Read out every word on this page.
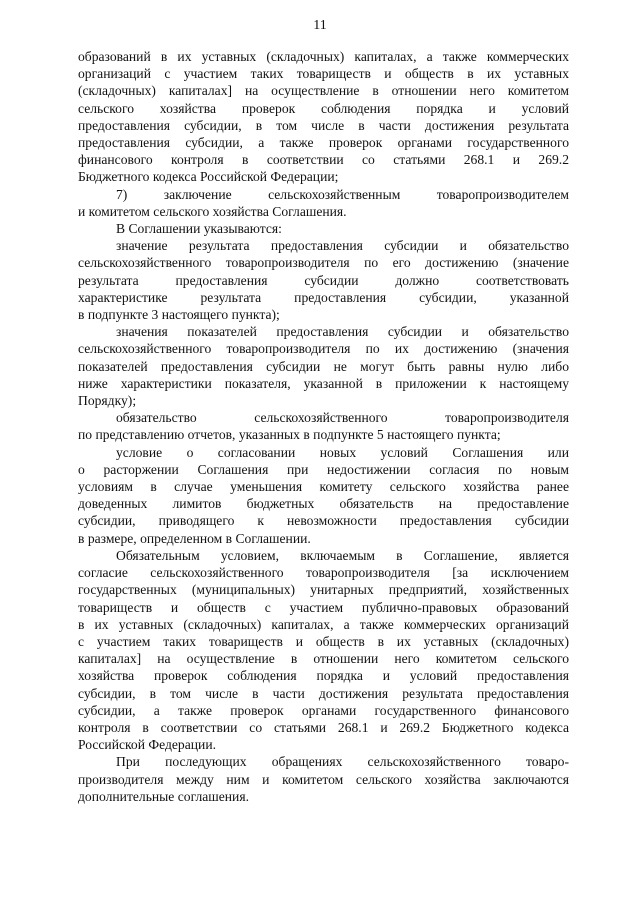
11
образований в их уставных (складочных) капиталах, а также коммерческих
организаций с участием таких товариществ и обществ в их уставных
(складочных) капиталах] на осуществление в отношении него комитетом
сельского хозяйства проверок соблюдения порядка и условий
предоставления субсидии, в том числе в части достижения результата
предоставления субсидии, а также проверок органами государственного
финансового контроля в соответствии со статьями 268.1 и 269.2
Бюджетного кодекса Российской Федерации;
7) заключение сельскохозяйственным товаропроизводителем
и комитетом сельского хозяйства Соглашения.
В Соглашении указываются:
значение результата предоставления субсидии и обязательство
сельскохозяйственного товаропроизводителя по его достижению (значение
результата предоставления субсидии должно соответствовать
характеристике результата предоставления субсидии, указанной
в подпункте 3 настоящего пункта);
значения показателей предоставления субсидии и обязательство
сельскохозяйственного товаропроизводителя по их достижению (значения
показателей предоставления субсидии не могут быть равны нулю либо
ниже характеристики показателя, указанной в приложении к настоящему
Порядку);
обязательство сельскохозяйственного товаропроизводителя
по представлению отчетов, указанных в подпункте 5 настоящего пункта;
условие о согласовании новых условий Соглашения или
о расторжении Соглашения при недостижении согласия по новым
условиям в случае уменьшения комитету сельского хозяйства ранее
доведенных лимитов бюджетных обязательств на предоставление
субсидии, приводящего к невозможности предоставления субсидии
в размере, определенном в Соглашении.
Обязательным условием, включаемым в Соглашение, является
согласие сельскохозяйственного товаропроизводителя [за исключением
государственных (муниципальных) унитарных предприятий, хозяйственных
товариществ и обществ с участием публично-правовых образований
в их уставных (складочных) капиталах, а также коммерческих организаций
с участием таких товариществ и обществ в их уставных (складочных)
капиталах] на осуществление в отношении него комитетом сельского
хозяйства проверок соблюдения порядка и условий предоставления
субсидии, в том числе в части достижения результата предоставления
субсидии, а также проверок органами государственного финансового
контроля в соответствии со статьями 268.1 и 269.2 Бюджетного кодекса
Российской Федерации.
При последующих обращениях сельскохозяйственного товаро-
производителя между ним и комитетом сельского хозяйства заключаются
дополнительные соглашения.
